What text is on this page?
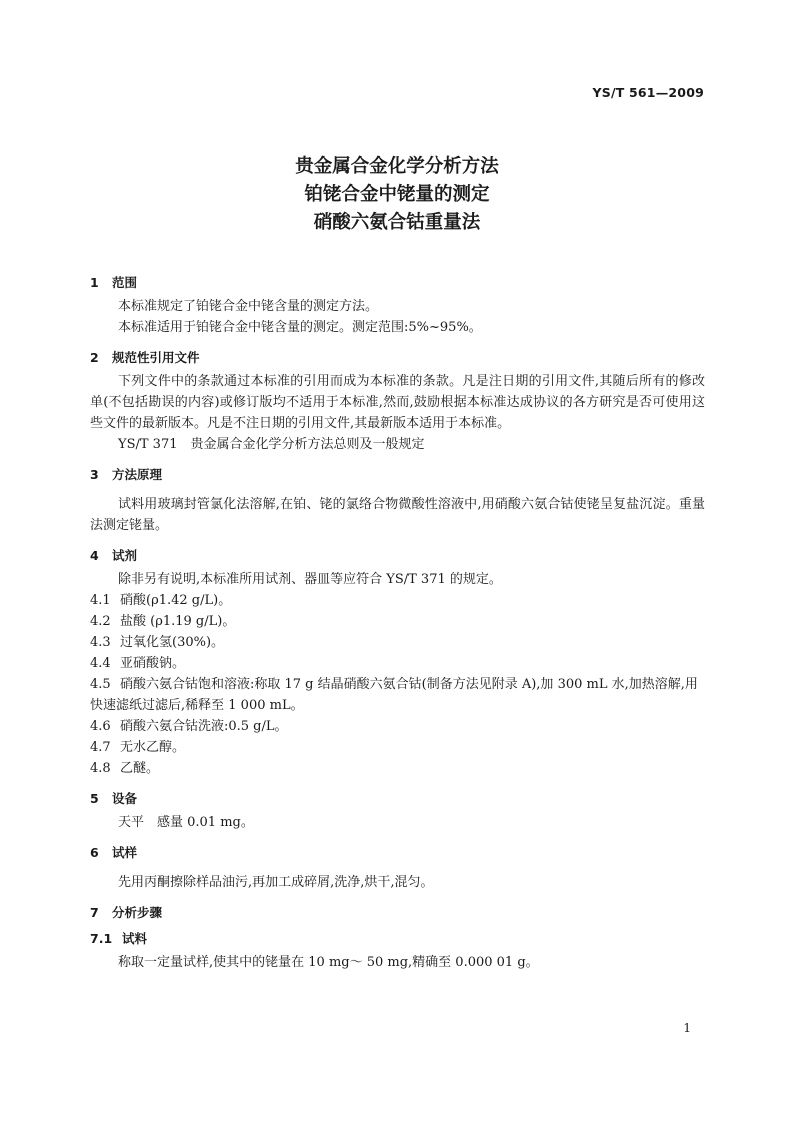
YS/T 561—2009
贵金属合金化学分析方法
铂铑合金中铑量的测定
硝酸六氨合钴重量法
1 范围

本标准规定了铂铑合金中铑含量的测定方法。

本标准适用于铂铑合金中铑含量的测定。测定范围:5%~95%。

2 规范性引用文件

下列文件中的条款通过本标准的引用而成为本标准的条款。凡是注日期的引用文件,其随后所有的修改单(不包括勘误的内容)或修订版均不适用于本标准,然而,鼓励根据本标准达成协议的各方研究是否可使用这些文件的最新版本。凡是不注日期的引用文件,其最新版本适用于本标准。

YS/T 371　贵金属合金化学分析方法总则及一般规定

3 方法原理

试料用玻璃封管氯化法溶解,在铂、铑的氯络合物微酸性溶液中,用硝酸六氨合钴使铑呈复盐沉淀。重量法测定铑量。

4 试剂

除非另有说明,本标准所用试剂、器皿等应符合 YS/T 371 的规定。

4.1 硝酸(ρ1.42 g/L)。

4.2 盐酸 (ρ1.19 g/L)。

4.3 过氧化氢(30%)。

4.4 亚硝酸钠。

4.5 硝酸六氨合钴饱和溶液:称取 17 g 结晶硝酸六氨合钴(制备方法见附录 A),加 300 mL 水,加热溶解,用快速滤纸过滤后,稀释至 1 000 mL。

4.6 硝酸六氨合钴洗液:0.5 g/L。

4.7 无水乙醇。

4.8 乙醚。

5 设备

天平　感量 0.01 mg。

6 试样

先用丙酮擦除样品油污,再加工成碎屑,洗净,烘干,混匀。

7 分析步骤
7.1 试料

称取一定量试样,使其中的铑量在 10 mg～ 50 mg,精确至 0.000 01 g。

1
